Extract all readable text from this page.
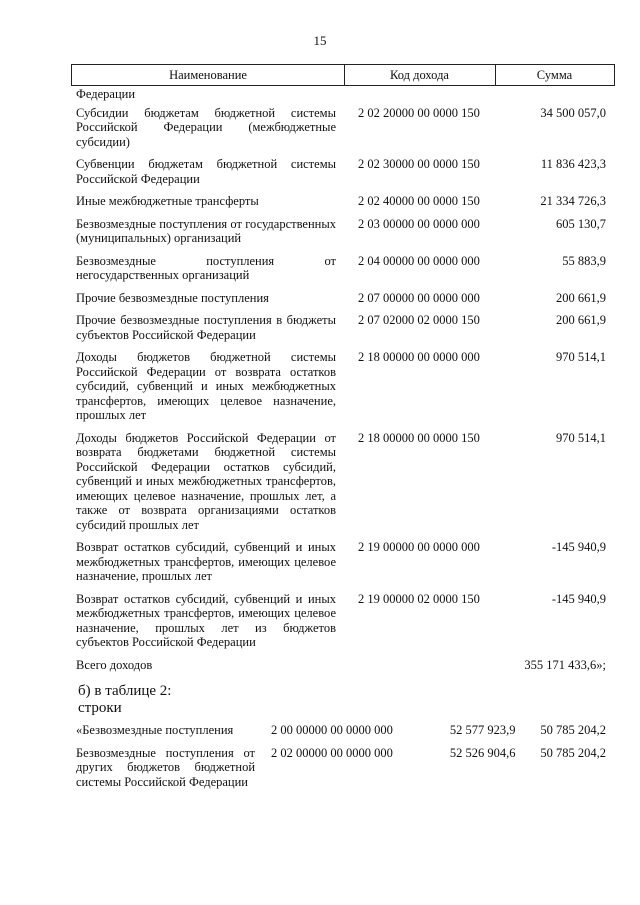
15
Наименование	Код дохода	Сумма
Федерации
Субсидии бюджетам бюджетной системы Российской Федерации (межбюджетные субсидии)
2 02 20000 00 0000 150	34 500 057,0
Субвенции бюджетам бюджетной системы Российской Федерации
2 02 30000 00 0000 150	11 836 423,3
Иные межбюджетные трансферты	2 02 40000 00 0000 150	21 334 726,3
Безвозмездные поступления от государственных (муниципальных) организаций
2 03 00000 00 0000 000	605 130,7
Безвозмездные поступления от негосударственных организаций
2 04 00000 00 0000 000	55 883,9
Прочие безвозмездные поступления	2 07 00000 00 0000 000	200 661,9
Прочие безвозмездные поступления в бюджеты субъектов Российской Федерации
2 07 02000 02 0000 150	200 661,9
Доходы бюджетов бюджетной системы Российской Федерации от возврата остатков субсидий, субвенций и иных межбюджетных трансфертов, имеющих целевое назначение, прошлых лет
2 18 00000 00 0000 000	970 514,1
Доходы бюджетов Российской Федерации от возврата бюджетами бюджетной системы Российской Федерации остатков субсидий, субвенций и иных межбюджетных трансфертов, имеющих целевое назначение, прошлых лет, а также от возврата организациями остатков субсидий прошлых лет
2 18 00000 00 0000 150	970 514,1
Возврат остатков субсидий, субвенций и иных межбюджетных трансфертов, имеющих целевое назначение, прошлых лет
2 19 00000 00 0000 000	-145 940,9
Возврат остатков субсидий, субвенций и иных межбюджетных трансфертов, имеющих целевое назначение, прошлых лет из бюджетов субъектов Российской Федерации
2 19 00000 02 0000 150	-145 940,9
Всего доходов	355 171 433,6»;
б) в таблице 2:
строки
«Безвозмездные поступления	2 00 00000 00 0000 000	52 577 923,9	50 785 204,2
Безвозмездные поступления от других бюджетов бюджетной системы Российской Федерации
2 02 00000 00 0000 000	52 526 904,6	50 785 204,2
